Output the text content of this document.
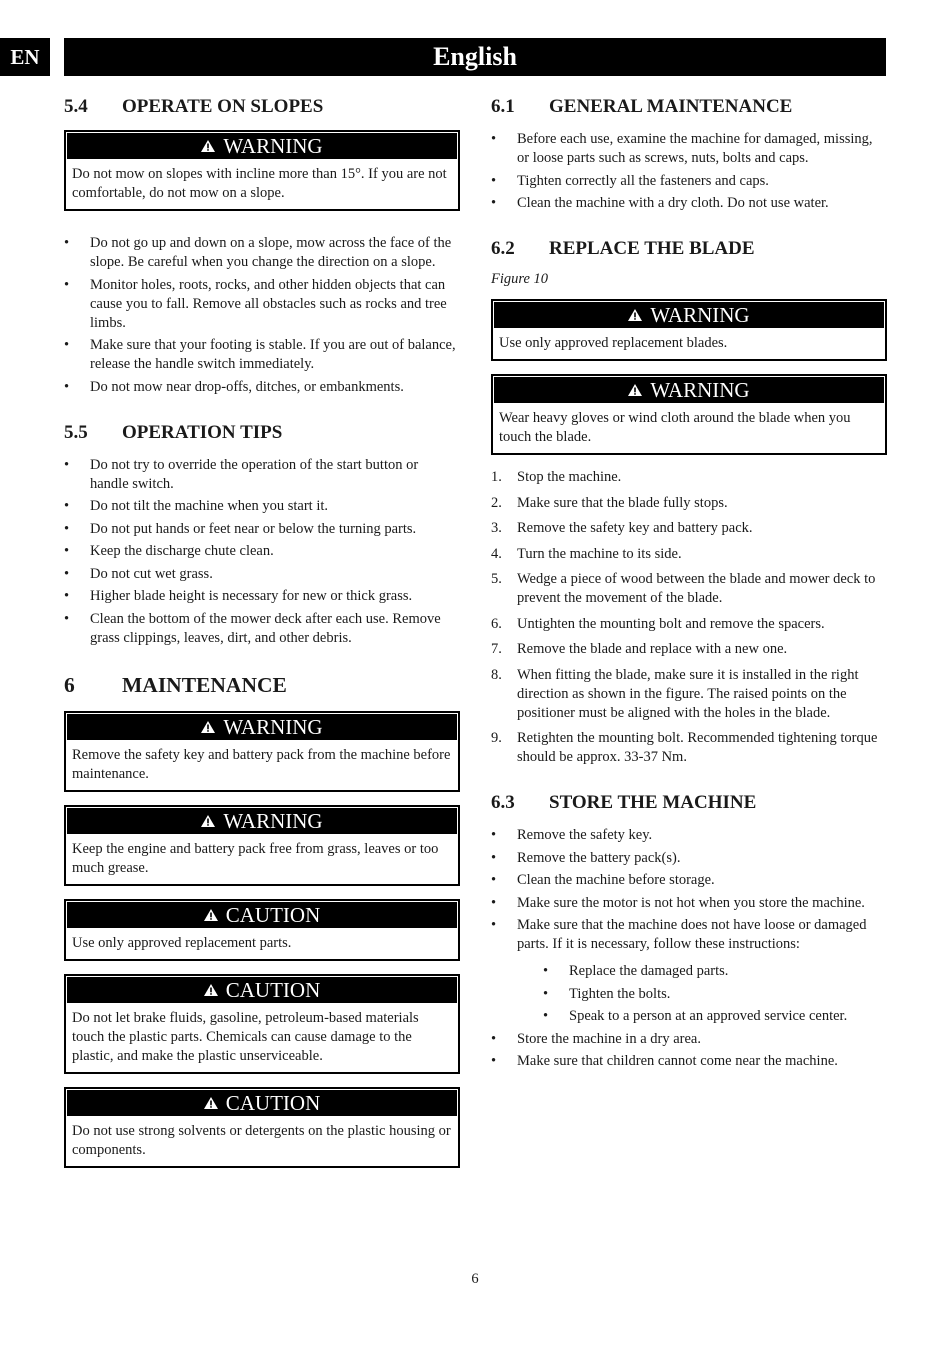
EN	English
5.4	OPERATE ON SLOPES
WARNING
Do not mow on slopes with incline more than 15°. If you are not comfortable, do not mow on a slope.
•	Do not go up and down on a slope, mow across the face of the slope. Be careful when you change the direction on a slope.
•	Monitor holes, roots, rocks, and other hidden objects that can cause you to fall. Remove all obstacles such as rocks and tree limbs.
•	Make sure that your footing is stable. If you are out of balance, release the handle switch immediately.
•	Do not mow near drop-offs, ditches, or embankments.
5.5	OPERATION TIPS
•	Do not try to override the operation of the start button or handle switch.
•	Do not tilt the machine when you start it.
•	Do not put hands or feet near or below the turning parts.
•	Keep the discharge chute clean.
•	Do not cut wet grass.
•	Higher blade height is necessary for new or thick grass.
•	Clean the bottom of the mower deck after each use. Remove grass clippings, leaves, dirt, and other debris.
6	MAINTENANCE
WARNING
Remove the safety key and battery pack from the machine before maintenance.
WARNING
Keep the engine and battery pack free from grass, leaves or too much grease.
CAUTION
Use only approved replacement parts.
CAUTION
Do not let brake fluids, gasoline, petroleum-based materials touch the plastic parts. Chemicals can cause damage to the plastic, and make the plastic unserviceable.
CAUTION
Do not use strong solvents or detergents on the plastic housing or components.
6.1	GENERAL MAINTENANCE
•	Before each use, examine the machine for damaged, missing, or loose parts such as screws, nuts, bolts and caps.
•	Tighten correctly all the fasteners and caps.
•	Clean the machine with a dry cloth. Do not use water.
6.2	REPLACE THE BLADE
Figure 10
WARNING
Use only approved replacement blades.
WARNING
Wear heavy gloves or wind cloth around the blade when you touch the blade.
1.	Stop the machine.
2.	Make sure that the blade fully stops.
3.	Remove the safety key and battery pack.
4.	Turn the machine to its side.
5.	Wedge a piece of wood between the blade and mower deck to prevent the movement of the blade.
6.	Untighten the mounting bolt and remove the spacers.
7.	Remove the blade and replace with a new one.
8.	When fitting the blade, make sure it is installed in the right direction as shown in the figure. The raised points on the positioner must be aligned with the holes in the blade.
9.	Retighten the mounting bolt. Recommended tightening torque should be approx. 33-37 Nm.
6.3	STORE THE MACHINE
•	Remove the safety key.
•	Remove the battery pack(s).
•	Clean the machine before storage.
•	Make sure the motor is not hot when you store the machine.
•	Make sure that the machine does not have loose or damaged parts. If it is necessary, follow these instructions:
•	Replace the damaged parts.
•	Tighten the bolts.
•	Speak to a person at an approved service center.
•	Store the machine in a dry area.
•	Make sure that children cannot come near the machine.
6
